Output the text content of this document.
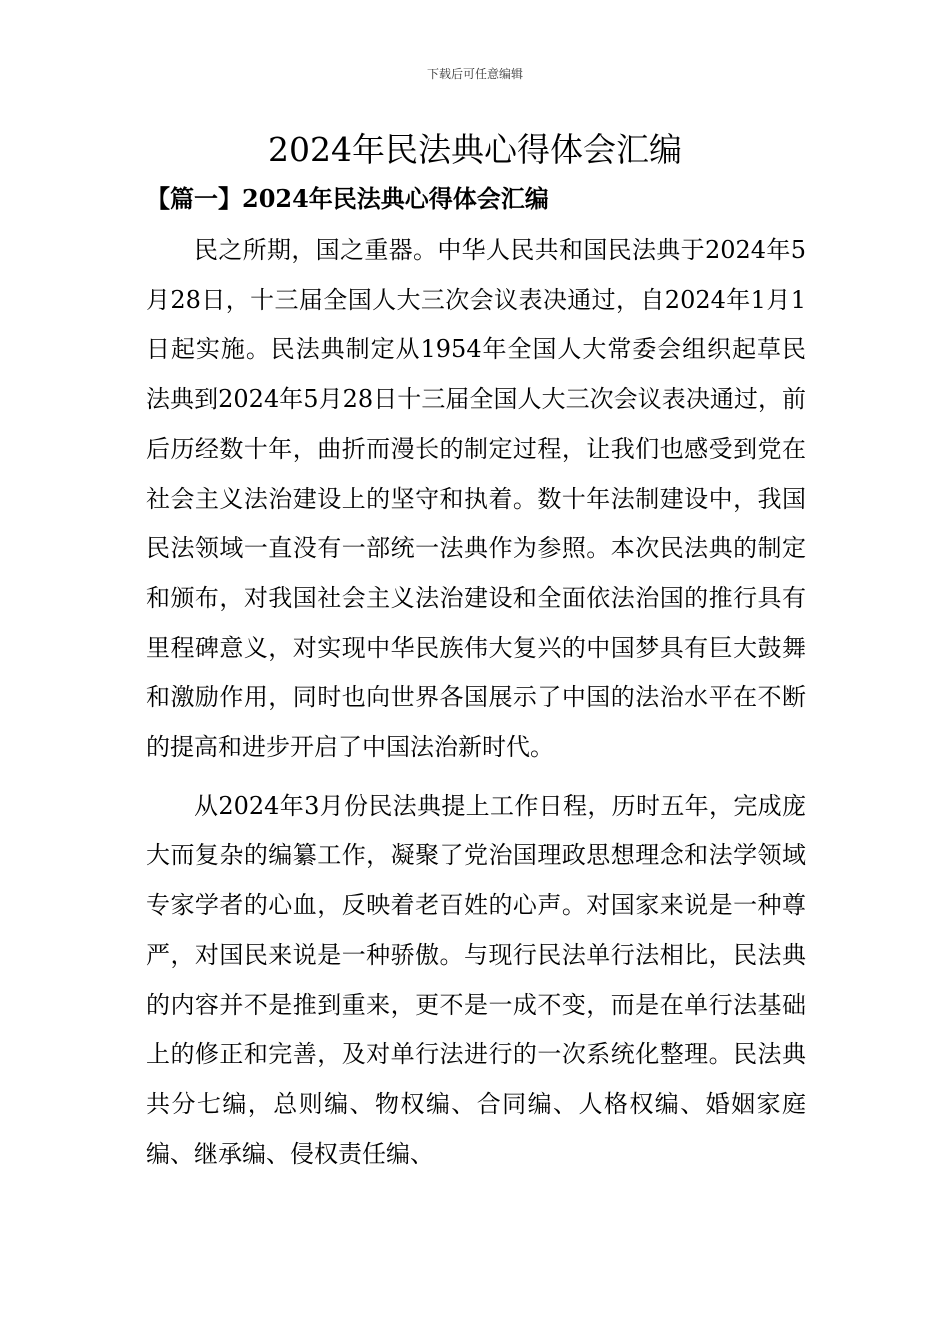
下载后可任意编辑
2024年民法典心得体会汇编
【篇一】2024年民法典心得体会汇编

民之所期，国之重器。中华人民共和国民法典于2024年5月28日，十三届全国人大三次会议表决通过，自2024年1月1日起实施。民法典制定从1954年全国人大常委会组织起草民法典到2024年5月28日十三届全国人大三次会议表决通过，前后历经数十年，曲折而漫长的制定过程，让我们也感受到党在社会主义法治建设上的坚守和执着。数十年法制建设中，我国民法领域一直没有一部统一法典作为参照。本次民法典的制定和颁布，对我国社会主义法治建设和全面依法治国的推行具有里程碑意义，对实现中华民族伟大复兴的中国梦具有巨大鼓舞和激励作用，同时也向世界各国展示了中国的法治水平在不断的提高和进步开启了中国法治新时代。

从2024年3月份民法典提上工作日程，历时五年，完成庞大而复杂的编纂工作，凝聚了党治国理政思想理念和法学领域专家学者的心血，反映着老百姓的心声。对国家来说是一种尊严，对国民来说是一种骄傲。与现行民法单行法相比，民法典的内容并不是推到重来，更不是一成不变，而是在单行法基础上的修正和完善，及对单行法进行的一次系统化整理。民法典共分七编，总则编、物权编、合同编、人格权编、婚姻家庭编、继承编、侵权责任编、
